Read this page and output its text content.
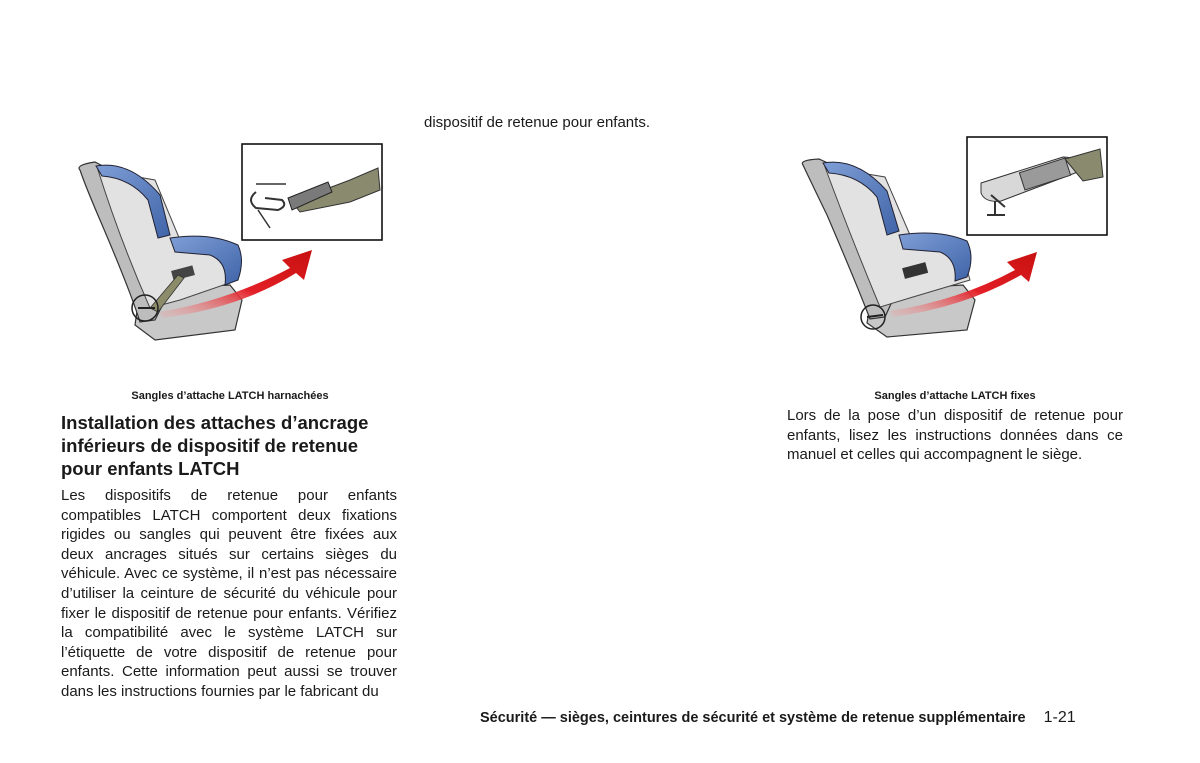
dispositif de retenue pour enfants.
Sangles d’attache LATCH harnachées	Sangles d’attache LATCH fixes
Installation des attaches d’ancrage inférieurs de dispositif de retenue pour enfants LATCH
Les dispositifs de retenue pour enfants compatibles LATCH comportent deux fixations rigides ou sangles qui peuvent être fixées aux deux ancrages situés sur certains sièges du véhicule. Avec ce système, il n’est pas nécessaire d’utiliser la ceinture de sécurité du véhicule pour fixer le dispositif de retenue pour enfants. Vérifiez la compatibilité avec le système LATCH sur l’étiquette de votre dispositif de retenue pour enfants. Cette information peut aussi se trouver dans les instructions fournies par le fabricant du
Lors de la pose d’un dispositif de retenue pour enfants, lisez les instructions données dans ce manuel et celles qui accompagnent le siège.
Sécurité — sièges, ceintures de sécurité et système de retenue supplémentaire 1-21
